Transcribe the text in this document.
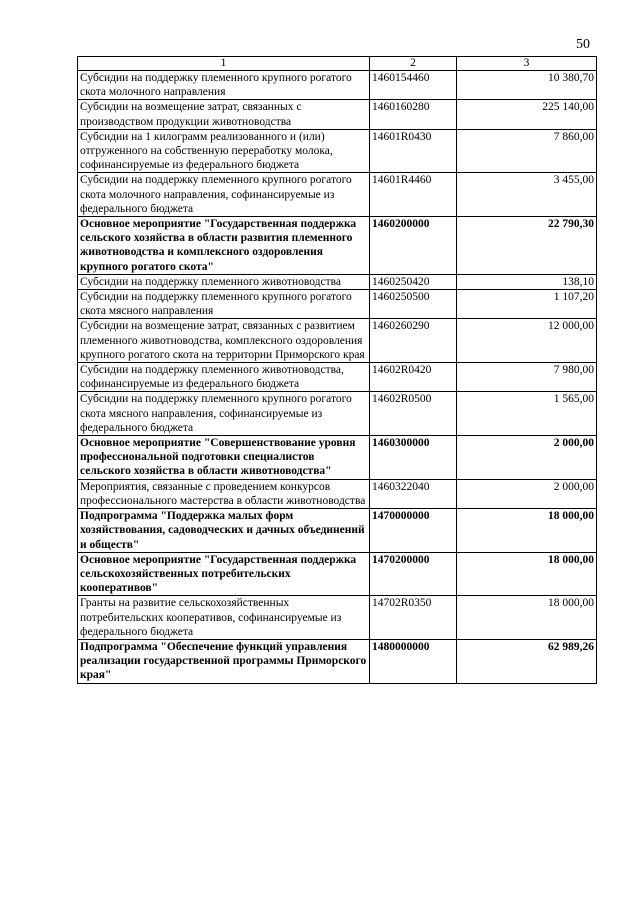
50
1	2	3
Субсидии на поддержку племенного крупного рогатого скота молочного направления	1460154460	10 380,70
Субсидии на возмещение затрат, связанных с производством продукции животноводства	1460160280	225 140,00
Субсидии на 1 килограмм реализованного и (или) отгруженного на собственную переработку молока, софинансируемые из федерального бюджета	14601R0430	7 860,00
Субсидии на поддержку племенного крупного рогатого скота молочного направления, софинансируемые из федерального бюджета	14601R4460	3 455,00
Основное мероприятие "Государственная поддержка сельского хозяйства в области развития племенного животноводства и комплексного оздоровления крупного рогатого скота"	1460200000	22 790,30
Субсидии на поддержку племенного животноводства	1460250420	138,10
Субсидии на поддержку племенного крупного рогатого скота мясного направления	1460250500	1 107,20
Субсидии на возмещение затрат, связанных с развитием племенного животноводства, комплексного оздоровления крупного рогатого скота на территории Приморского края	1460260290	12 000,00
Субсидии на поддержку племенного животноводства, софинансируемые из федерального бюджета	14602R0420	7 980,00
Субсидии на поддержку племенного крупного рогатого скота мясного направления, софинансируемые из федерального бюджета	14602R0500	1 565,00
Основное мероприятие "Совершенствование уровня профессиональной подготовки специалистов сельского хозяйства в области животноводства"	1460300000	2 000,00
Мероприятия, связанные с проведением конкурсов профессионального мастерства в области животноводства	1460322040	2 000,00
Подпрограмма "Поддержка малых форм хозяйствования, садоводческих и дачных объединений и обществ"	1470000000	18 000,00
Основное мероприятие "Государственная поддержка сельскохозяйственных потребительских кооперативов"	1470200000	18 000,00
Гранты на развитие сельскохозяйственных потребительских кооперативов, софинансируемые из федерального бюджета	14702R0350	18 000,00
Подпрограмма "Обеспечение функций управления реализации государственной программы Приморского края"	1480000000	62 989,26
